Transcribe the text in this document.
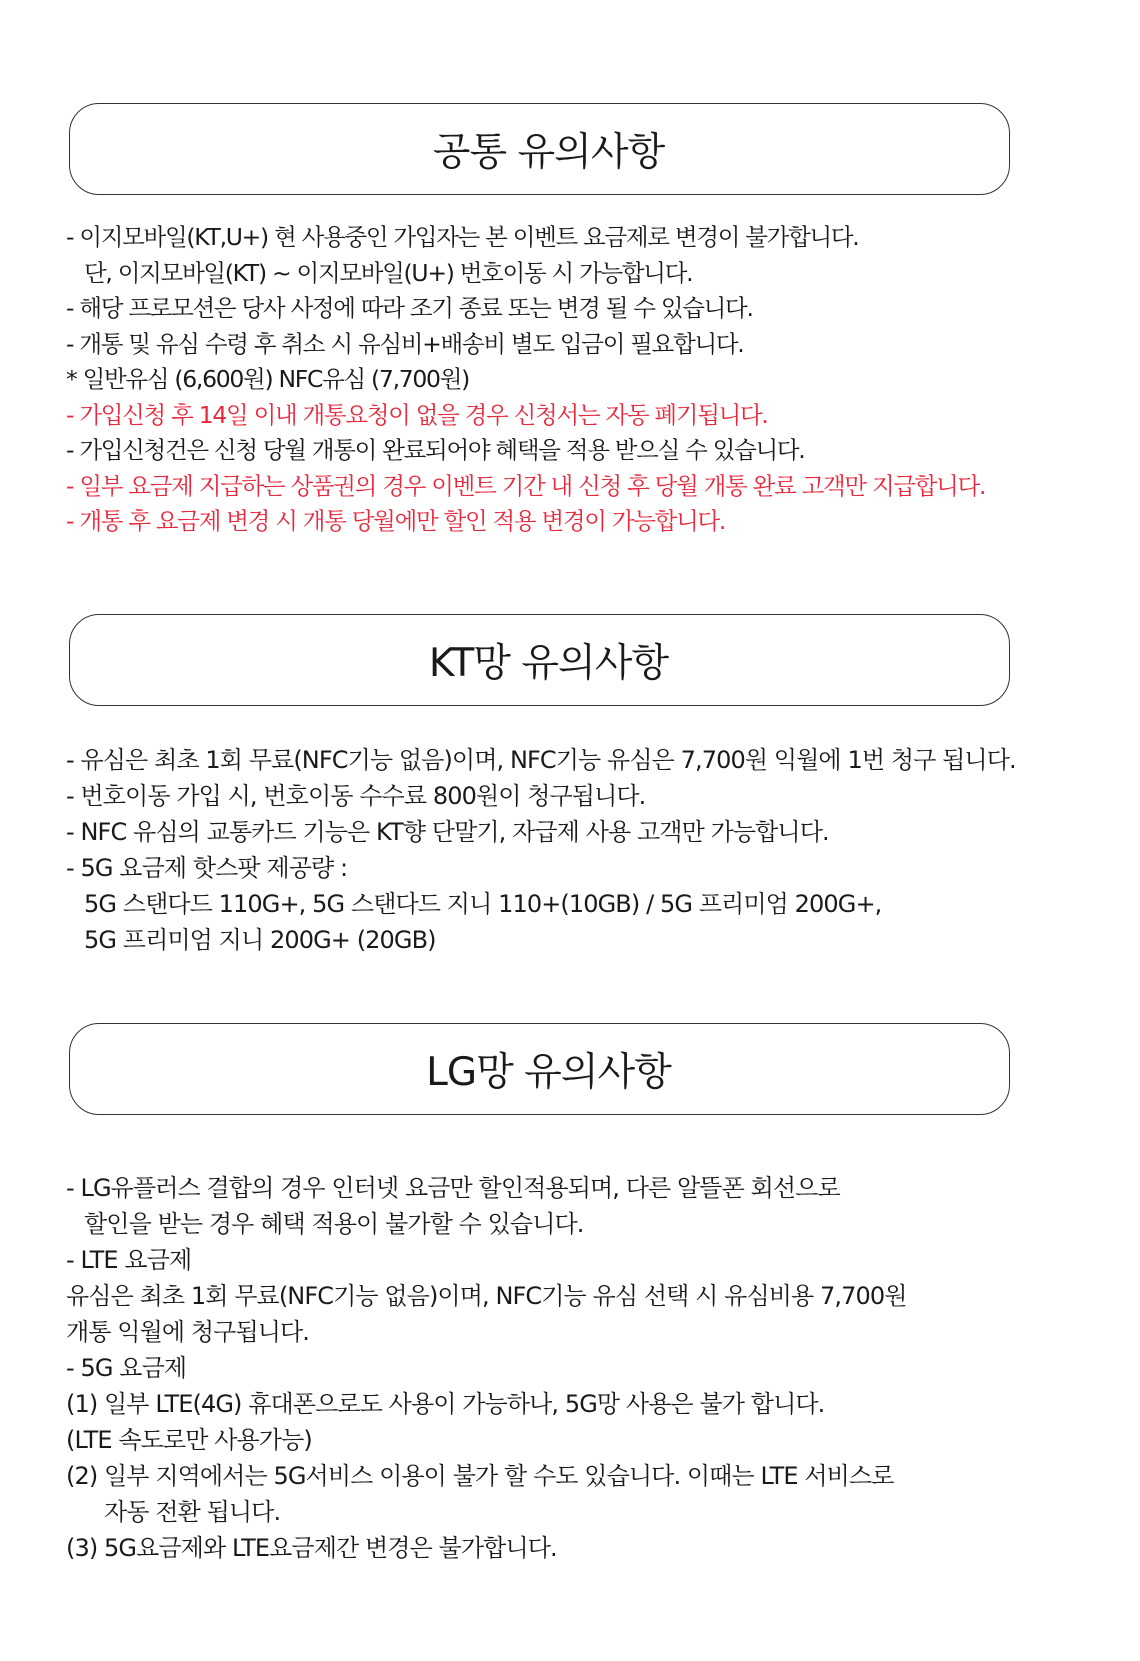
공통 유의사항
- 이지모바일(KT,U+) 현 사용중인 가입자는 본 이벤트 요금제로 변경이 불가합니다.
단, 이지모바일(KT) ~ 이지모바일(U+) 번호이동 시 가능합니다.
- 해당 프로모션은 당사 사정에 따라 조기 종료 또는 변경 될 수 있습니다.
- 개통 및 유심 수령 후 취소 시 유심비+배송비 별도 입금이 필요합니다.
* 일반유심 (6,600원) NFC유심 (7,700원)
- 가입신청 후 14일 이내 개통요청이 없을 경우 신청서는 자동 폐기됩니다.
- 가입신청건은 신청 당월 개통이 완료되어야 혜택을 적용 받으실 수 있습니다.
- 일부 요금제 지급하는 상품권의 경우 이벤트 기간 내 신청 후 당월 개통 완료 고객만 지급합니다.
- 개통 후 요금제 변경 시 개통 당월에만 할인 적용 변경이 가능합니다.
KT망 유의사항
- 유심은 최초 1회 무료(NFC기능 없음)이며, NFC기능 유심은 7,700원 익월에 1번 청구 됩니다.
- 번호이동 가입 시, 번호이동 수수료 800원이 청구됩니다.
- NFC 유심의 교통카드 기능은 KT향 단말기, 자급제 사용 고객만 가능합니다.
- 5G 요금제 핫스팟 제공량 :
5G 스탠다드 110G+, 5G 스탠다드 지니 110+(10GB) / 5G 프리미엄 200G+,
5G 프리미엄 지니 200G+ (20GB)
LG망 유의사항
- LG유플러스 결합의 경우 인터넷 요금만 할인적용되며, 다른 알뜰폰 회선으로
할인을 받는 경우 혜택 적용이 불가할 수 있습니다.
- LTE 요금제
유심은 최초 1회 무료(NFC기능 없음)이며, NFC기능 유심 선택 시 유심비용 7,700원
개통 익월에 청구됩니다.
- 5G 요금제
(1) 일부 LTE(4G) 휴대폰으로도 사용이 가능하나, 5G망 사용은 불가 합니다.
(LTE 속도로만 사용가능)
(2) 일부 지역에서는 5G서비스 이용이 불가 할 수도 있습니다. 이때는 LTE 서비스로
자동 전환 됩니다.
(3) 5G요금제와 LTE요금제간 변경은 불가합니다.
